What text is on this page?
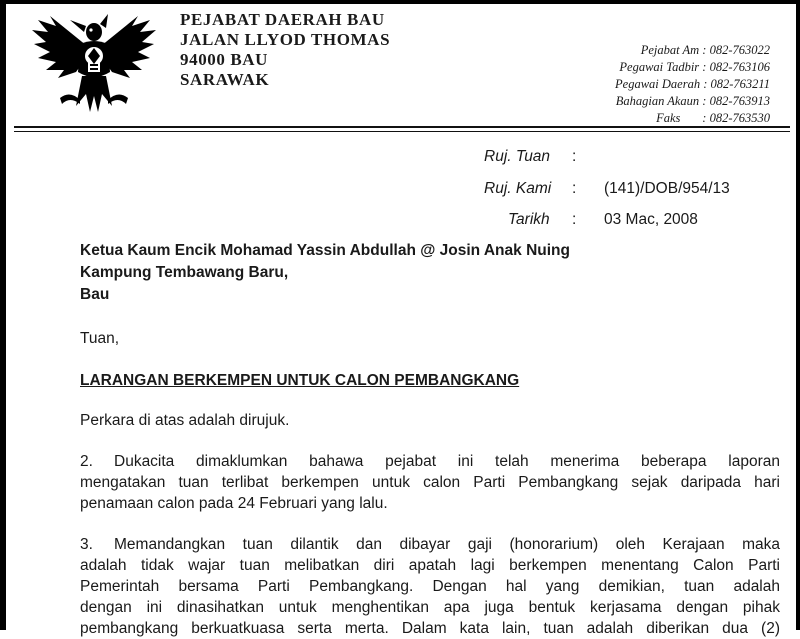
PEJABAT DAERAH BAU
JALAN LLYOD THOMAS
94000 BAU
SARAWAK
Pejabat Am : 082-763022
Pegawai Tadbir : 082-763106
Pegawai Daerah : 082-763211
Bahagian Akaun : 082-763913
Faks : 082-763530
Ruj. Tuan :
Ruj. Kami : (141)/DOB/954/13
Tarikh : 03 Mac, 2008
Ketua Kaum Encik Mohamad Yassin Abdullah @ Josin Anak Nuing
Kampung Tembawang Baru,
Bau
Tuan,
LARANGAN BERKEMPEN UNTUK CALON PEMBANGKANG
Perkara di atas adalah dirujuk.
2. Dukacita dimaklumkan bahawa pejabat ini telah menerima beberapa laporan
mengatakan tuan terlibat berkempen untuk calon Parti Pembangkang sejak daripada hari
penamaan calon pada 24 Februari yang lalu.
3. Memandangkan tuan dilantik dan dibayar gaji (honorarium) oleh Kerajaan maka
adalah tidak wajar tuan melibatkan diri apatah lagi berkempen menentang Calon Parti
Pemerintah bersama Parti Pembangkang. Dengan hal yang demikian, tuan adalah
dengan ini dinasihatkan untuk menghentikan apa juga bentuk kerjasama dengan pihak
pembangkang berkuatkuasa serta merta. Dalam kata lain, tuan adalah diberikan dua (2)
